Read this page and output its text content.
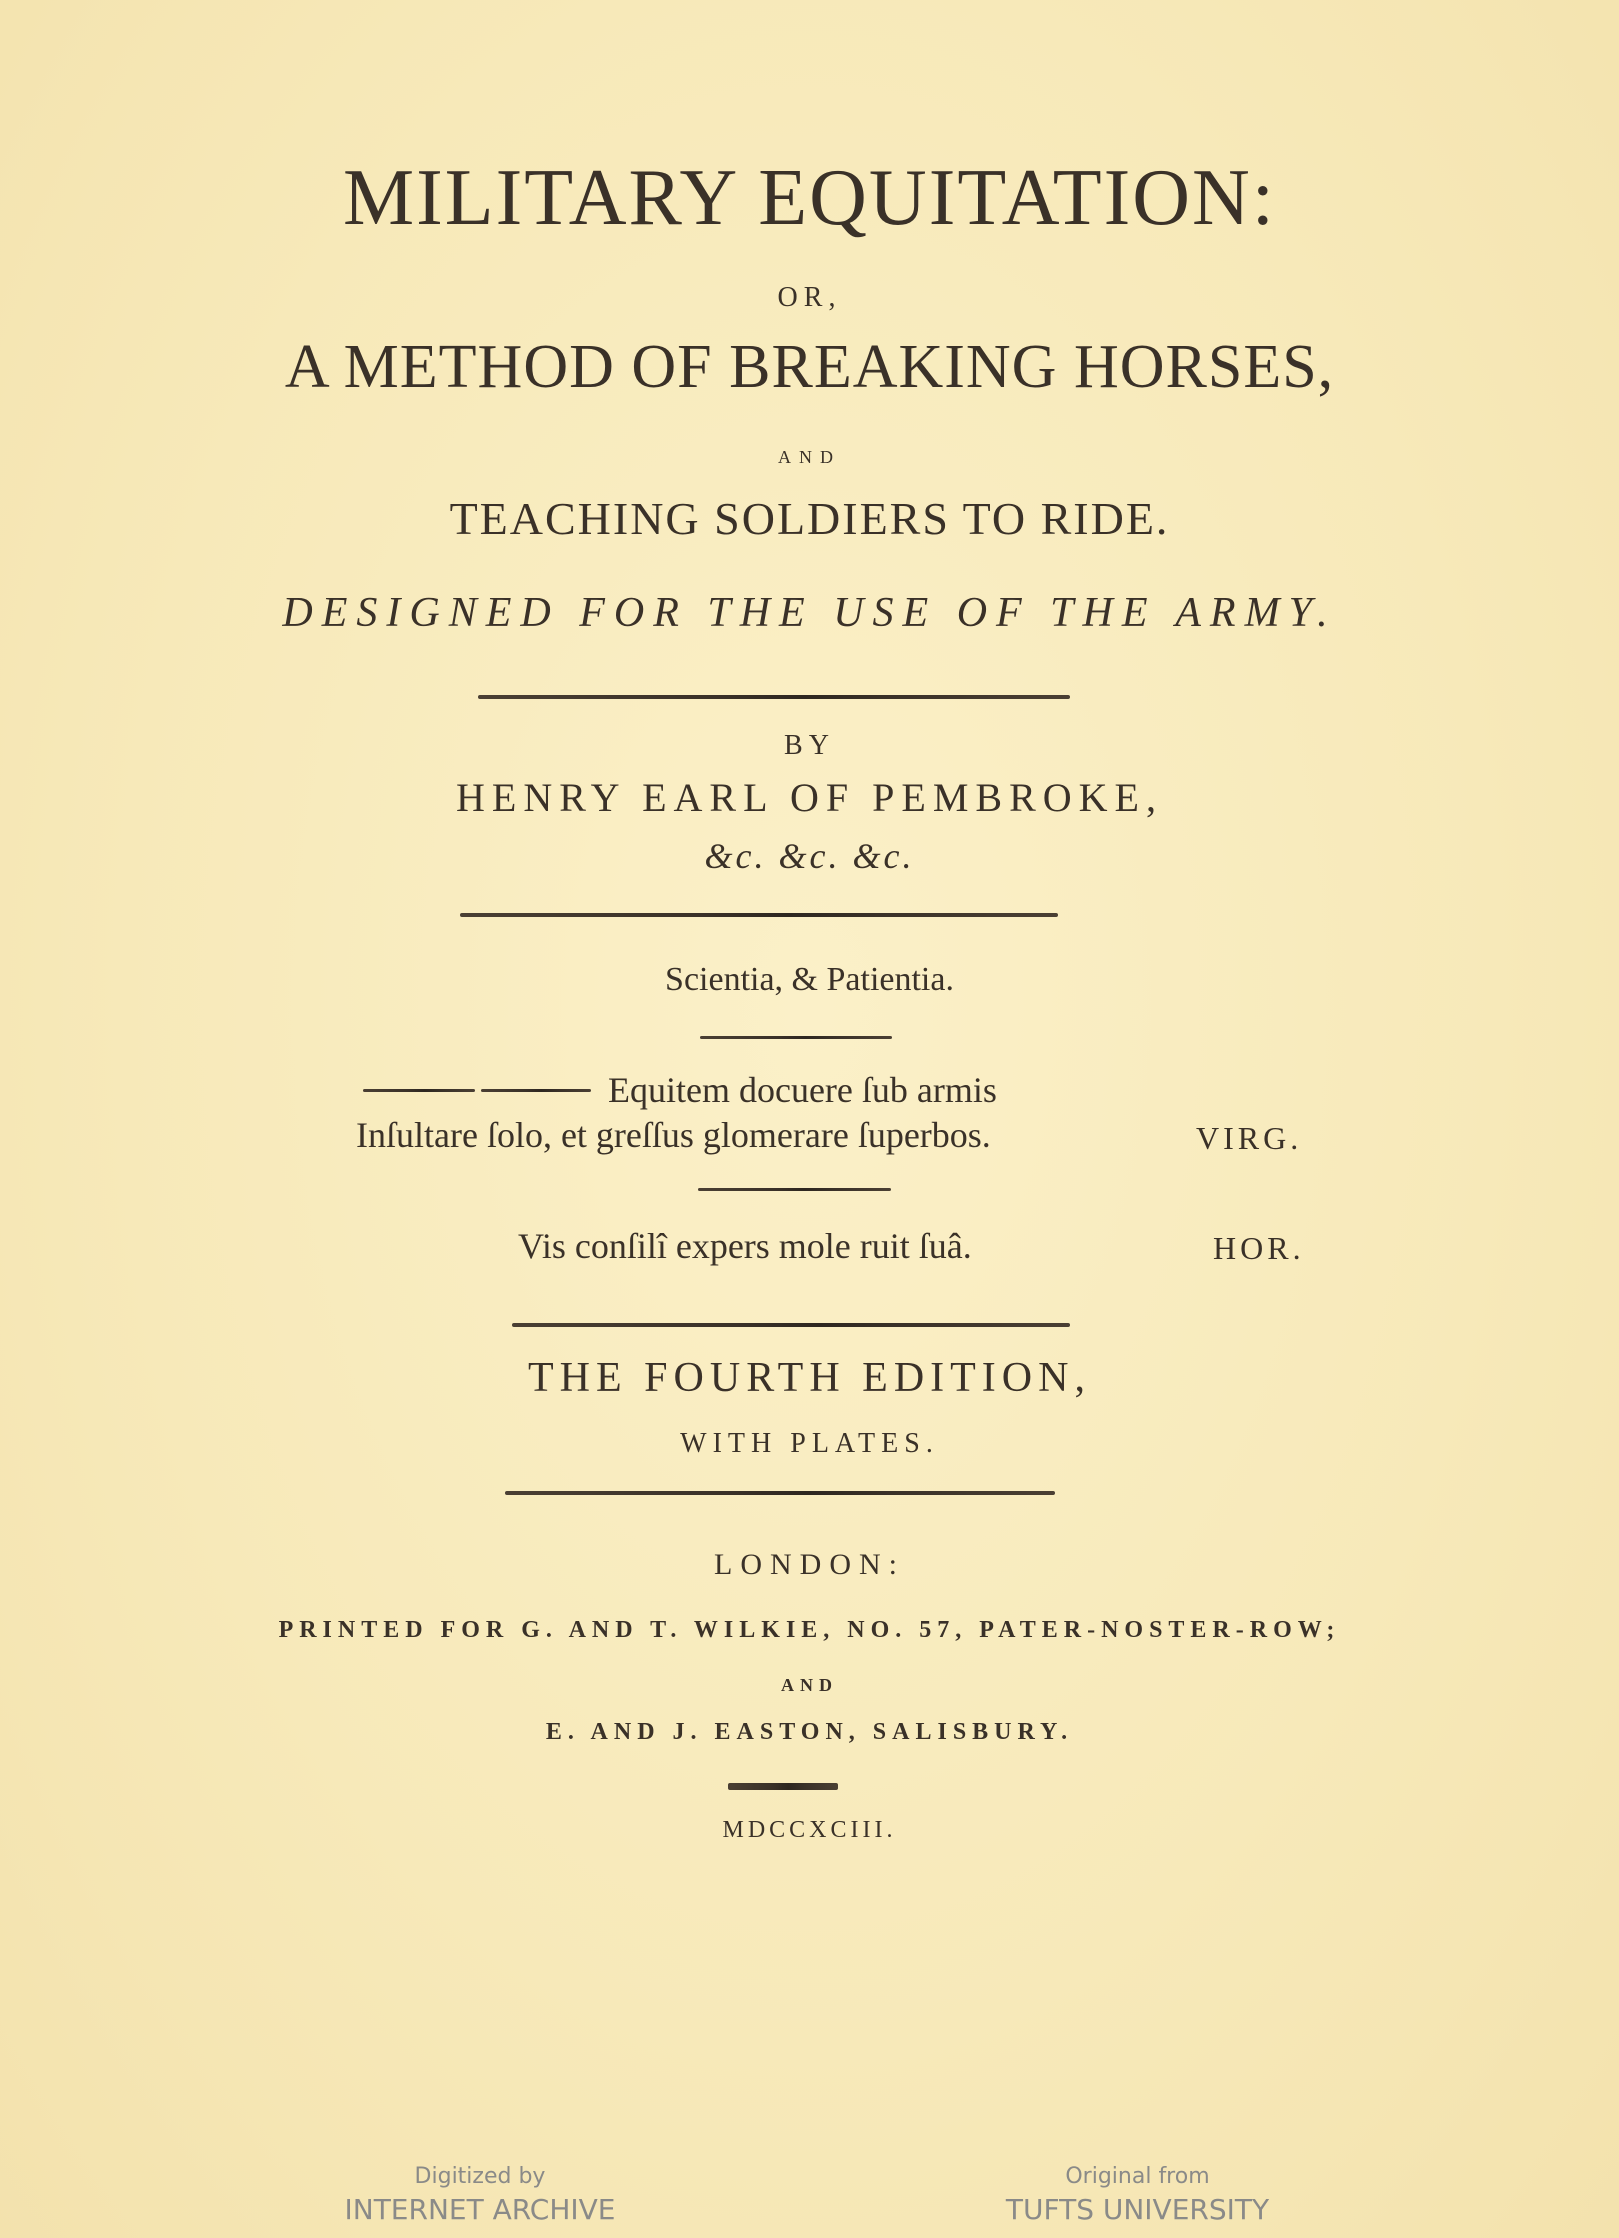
MILITARY EQUITATION:
OR,
A METHOD OF BREAKING HORSES,
AND
TEACHING SOLDIERS TO RIDE.
DESIGNED FOR THE USE OF THE ARMY.
BY
HENRY EARL OF PEMBROKE,
&c. &c. &c.
Scientia, & Patientia.
Equitem docuere ſub armis
Inſultare ſolo, et greſſus glomerare ſuperbos.	VIRG.
Vis conſilî expers mole ruit ſuâ.	HOR.
THE FOURTH EDITION,
WITH PLATES.
LONDON:
PRINTED FOR G. AND T. WILKIE, NO. 57, PATER-NOSTER-ROW;
AND
E. AND J. EASTON, SALISBURY.
MDCCXCIII.
Digitized by
INTERNET ARCHIVE
Original from
TUFTS UNIVERSITY
